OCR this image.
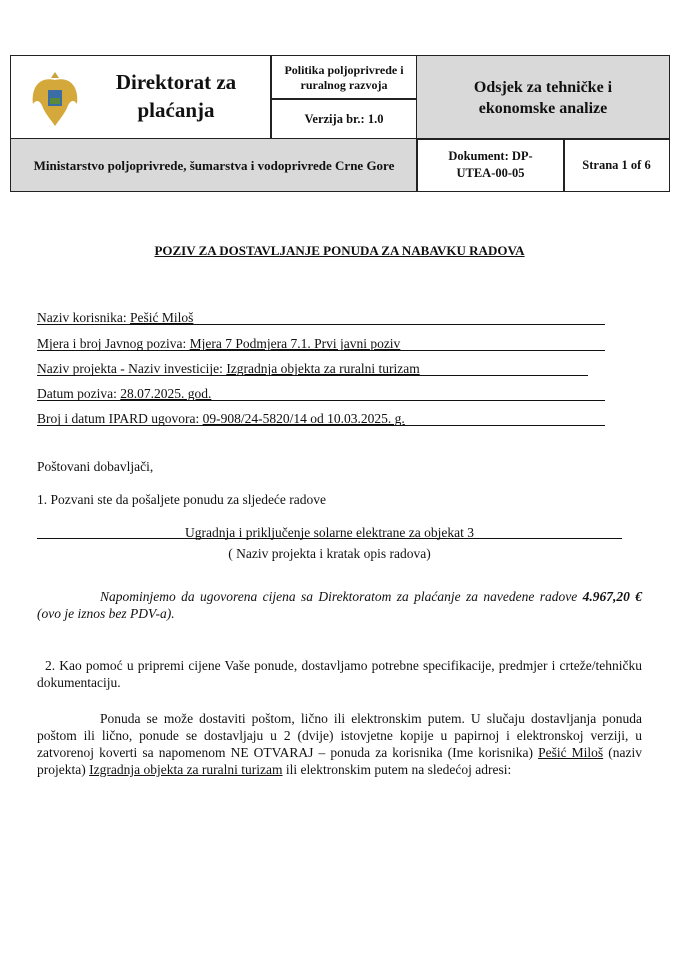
Direktorat za plaćanja
Politika poljoprivrede i ruralnog razvoja
Verzija br.: 1.0
Odsjek za tehničke i ekonomske analize
Ministarstvo poljoprivrede, šumarstva i vodoprivrede Crne Gore
Dokument: DP-UTEA-00-05
Strana 1 of 6
POZIV ZA DOSTAVLJANJE PONUDA ZA NABAVKU RADOVA
Naziv korisnika: Pešić Miloš
Mjera i broj Javnog poziva: Mjera 7 Podmjera 7.1. Prvi javni poziv
Naziv projekta - Naziv investicije: Izgradnja objekta za ruralni turizam
Datum poziva: 28.07.2025. god.
Broj i datum IPARD ugovora: 09-908/24-5820/14 od 10.03.2025. g.
Poštovani dobavljači,
1. Pozvani ste da pošaljete ponudu za sljedeće radove
Ugradnja i priključenje solarne elektrane za objekat 3
( Naziv projekta i kratak opis radova)
Napominjemo da ugovorena cijena sa Direktoratom za plaćanje za navedene radove 4.967,20 € (ovo je iznos bez PDV-a).
2. Kao pomoć u pripremi cijene Vaše ponude, dostavljamo potrebne specifikacije, predmjer i crteže/tehničku dokumentaciju.
Ponuda se može dostaviti poštom, lično ili elektronskim putem. U slučaju dostavljanja ponuda poštom ili lično, ponude se dostavljaju u 2 (dvije) istovjetne kopije u papirnoj i elektronskoj verziji, u zatvorenoj koverti sa napomenom NE OTVARAJ – ponuda za korisnika (Ime korisnika) Pešić Miloš (naziv projekta) Izgradnja objekta za ruralni turizam ili elektronskim putem na sledećoj adresi:
